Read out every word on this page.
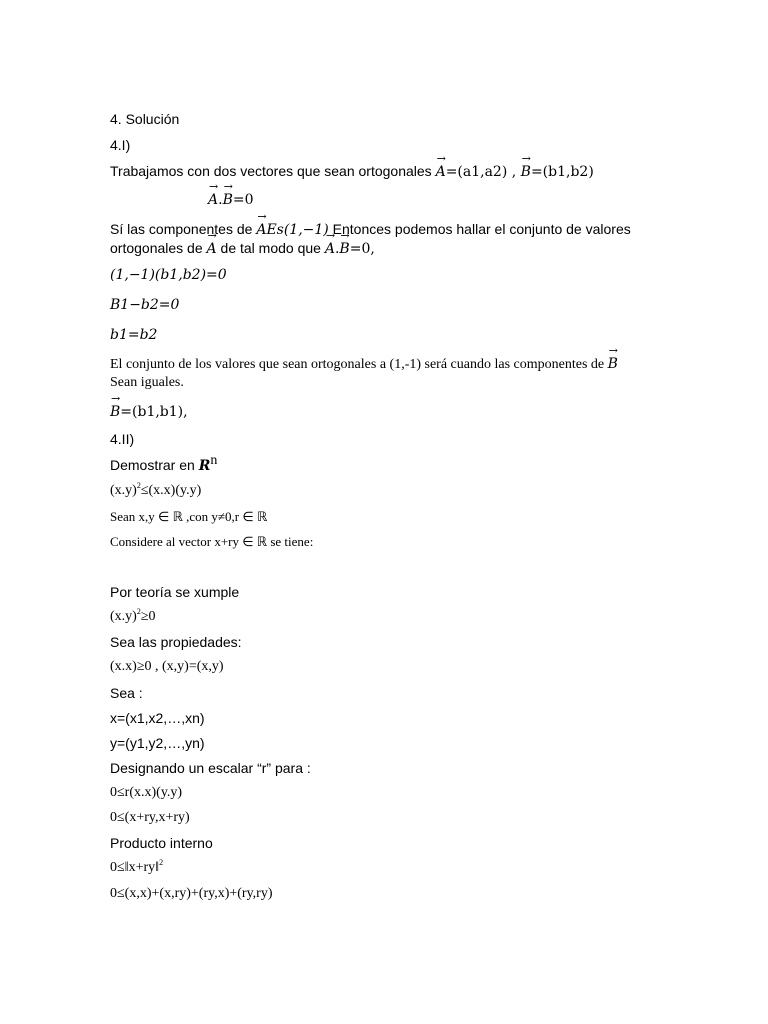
4. Solución
4.I)
Trabajamos con dos vectores que sean ortogonales → A=(a1,a2) , → B=(b1,b2)
→ A.→ B=0
Sí las componentes de → AEs(1,−1) Entonces podemos hallar el conjunto de valores
ortogonales de → A de tal modo que → A.→ B=0,
(1,−1)(b1,b2)=0
B1−b2=0
b1=b2
El conjunto de los valores que sean ortogonales a (1,-1) será cuando las componentes de → B
Sean iguales.
→ B=(b1,b1),
4.II)
Demostrar en $R^n$
$(x.y)^2\le(x.x)(y.y)$
Sean x,y ∈ ℝ ,con y≠0,r ∈ ℝ
Considere al vector x+ry ∈ ℝ se tiene:
Por teoría se xumple
$(x.y)^2\ge 0$
Sea las propiedades:
(x.x)≥0 , (x,y)=(x,y)
Sea :
x=(x1,x2,…,xn)
y=(y1,y2,…,yn)
Designando un escalar “r” para :
0≤r(x.x)(y.y)
0≤(x+ry,x+ry)
Producto interno
0≤‖x+ry‖$^2$
0≤(x,x)+(x,ry)+(ry,x)+(ry,ry)
